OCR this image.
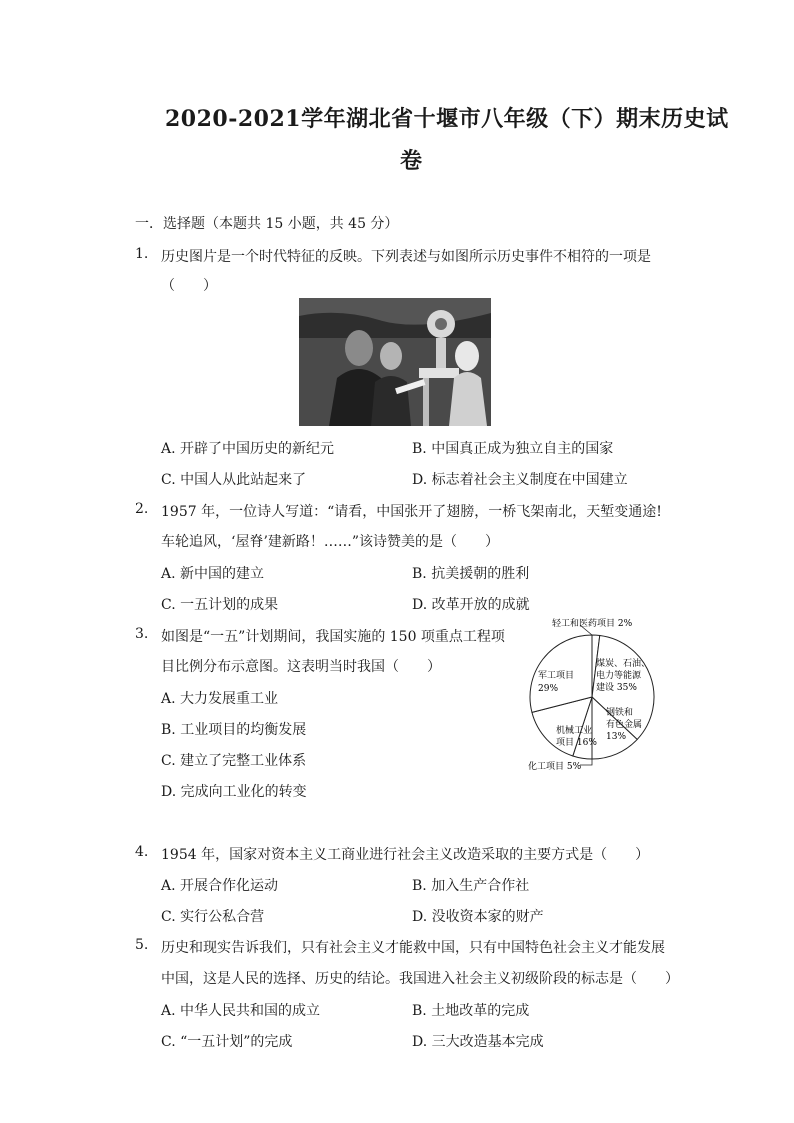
2020-2021学年湖北省十堰市八年级（下）期末历史试
卷
一．选择题（本题共 15 小题，共 45 分）
1. 历史图片是一个时代特征的反映。下列表述与如图所示历史事件不相符的一项是
（　　）
A. 开辟了中国历史的新纪元	B. 中国真正成为独立自主的国家
C. 中国人从此站起来了	D. 标志着社会主义制度在中国建立
2. 1957 年，一位诗人写道：“请看，中国张开了翅膀，一桥飞架南北，天堑变通途!
车轮追风，‘屋脊’建新路！……”该诗赞美的是（　　）
A. 新中国的建立	B. 抗美援朝的胜利
C. 一五计划的成果	D. 改革开放的成就
3. 如图是“一五”计划期间，我国实施的 150 项重点工程项
目比例分布示意图。这表明当时我国（　　）
A. 大力发展重工业
B. 工业项目的均衡发展
C. 建立了完整工业体系
D. 完成向工业化的转变
轻工和医药项目 2%
煤炭、石油、
电力等能源
建设 35%
钢铁和
有色金属
13%
机械工业
项目 16%
军工项目
29%
化工项目 5%
4. 1954 年，国家对资本主义工商业进行社会主义改造采取的主要方式是（　　）
A. 开展合作化运动	B. 加入生产合作社
C. 实行公私合营	D. 没收资本家的财产
5. 历史和现实告诉我们，只有社会主义才能救中国，只有中国特色社会主义才能发展
中国，这是人民的选择、历史的结论。我国进入社会主义初级阶段的标志是（　　）
A. 中华人民共和国的成立	B. 土地改革的完成
C. “一五计划”的完成	D. 三大改造基本完成
